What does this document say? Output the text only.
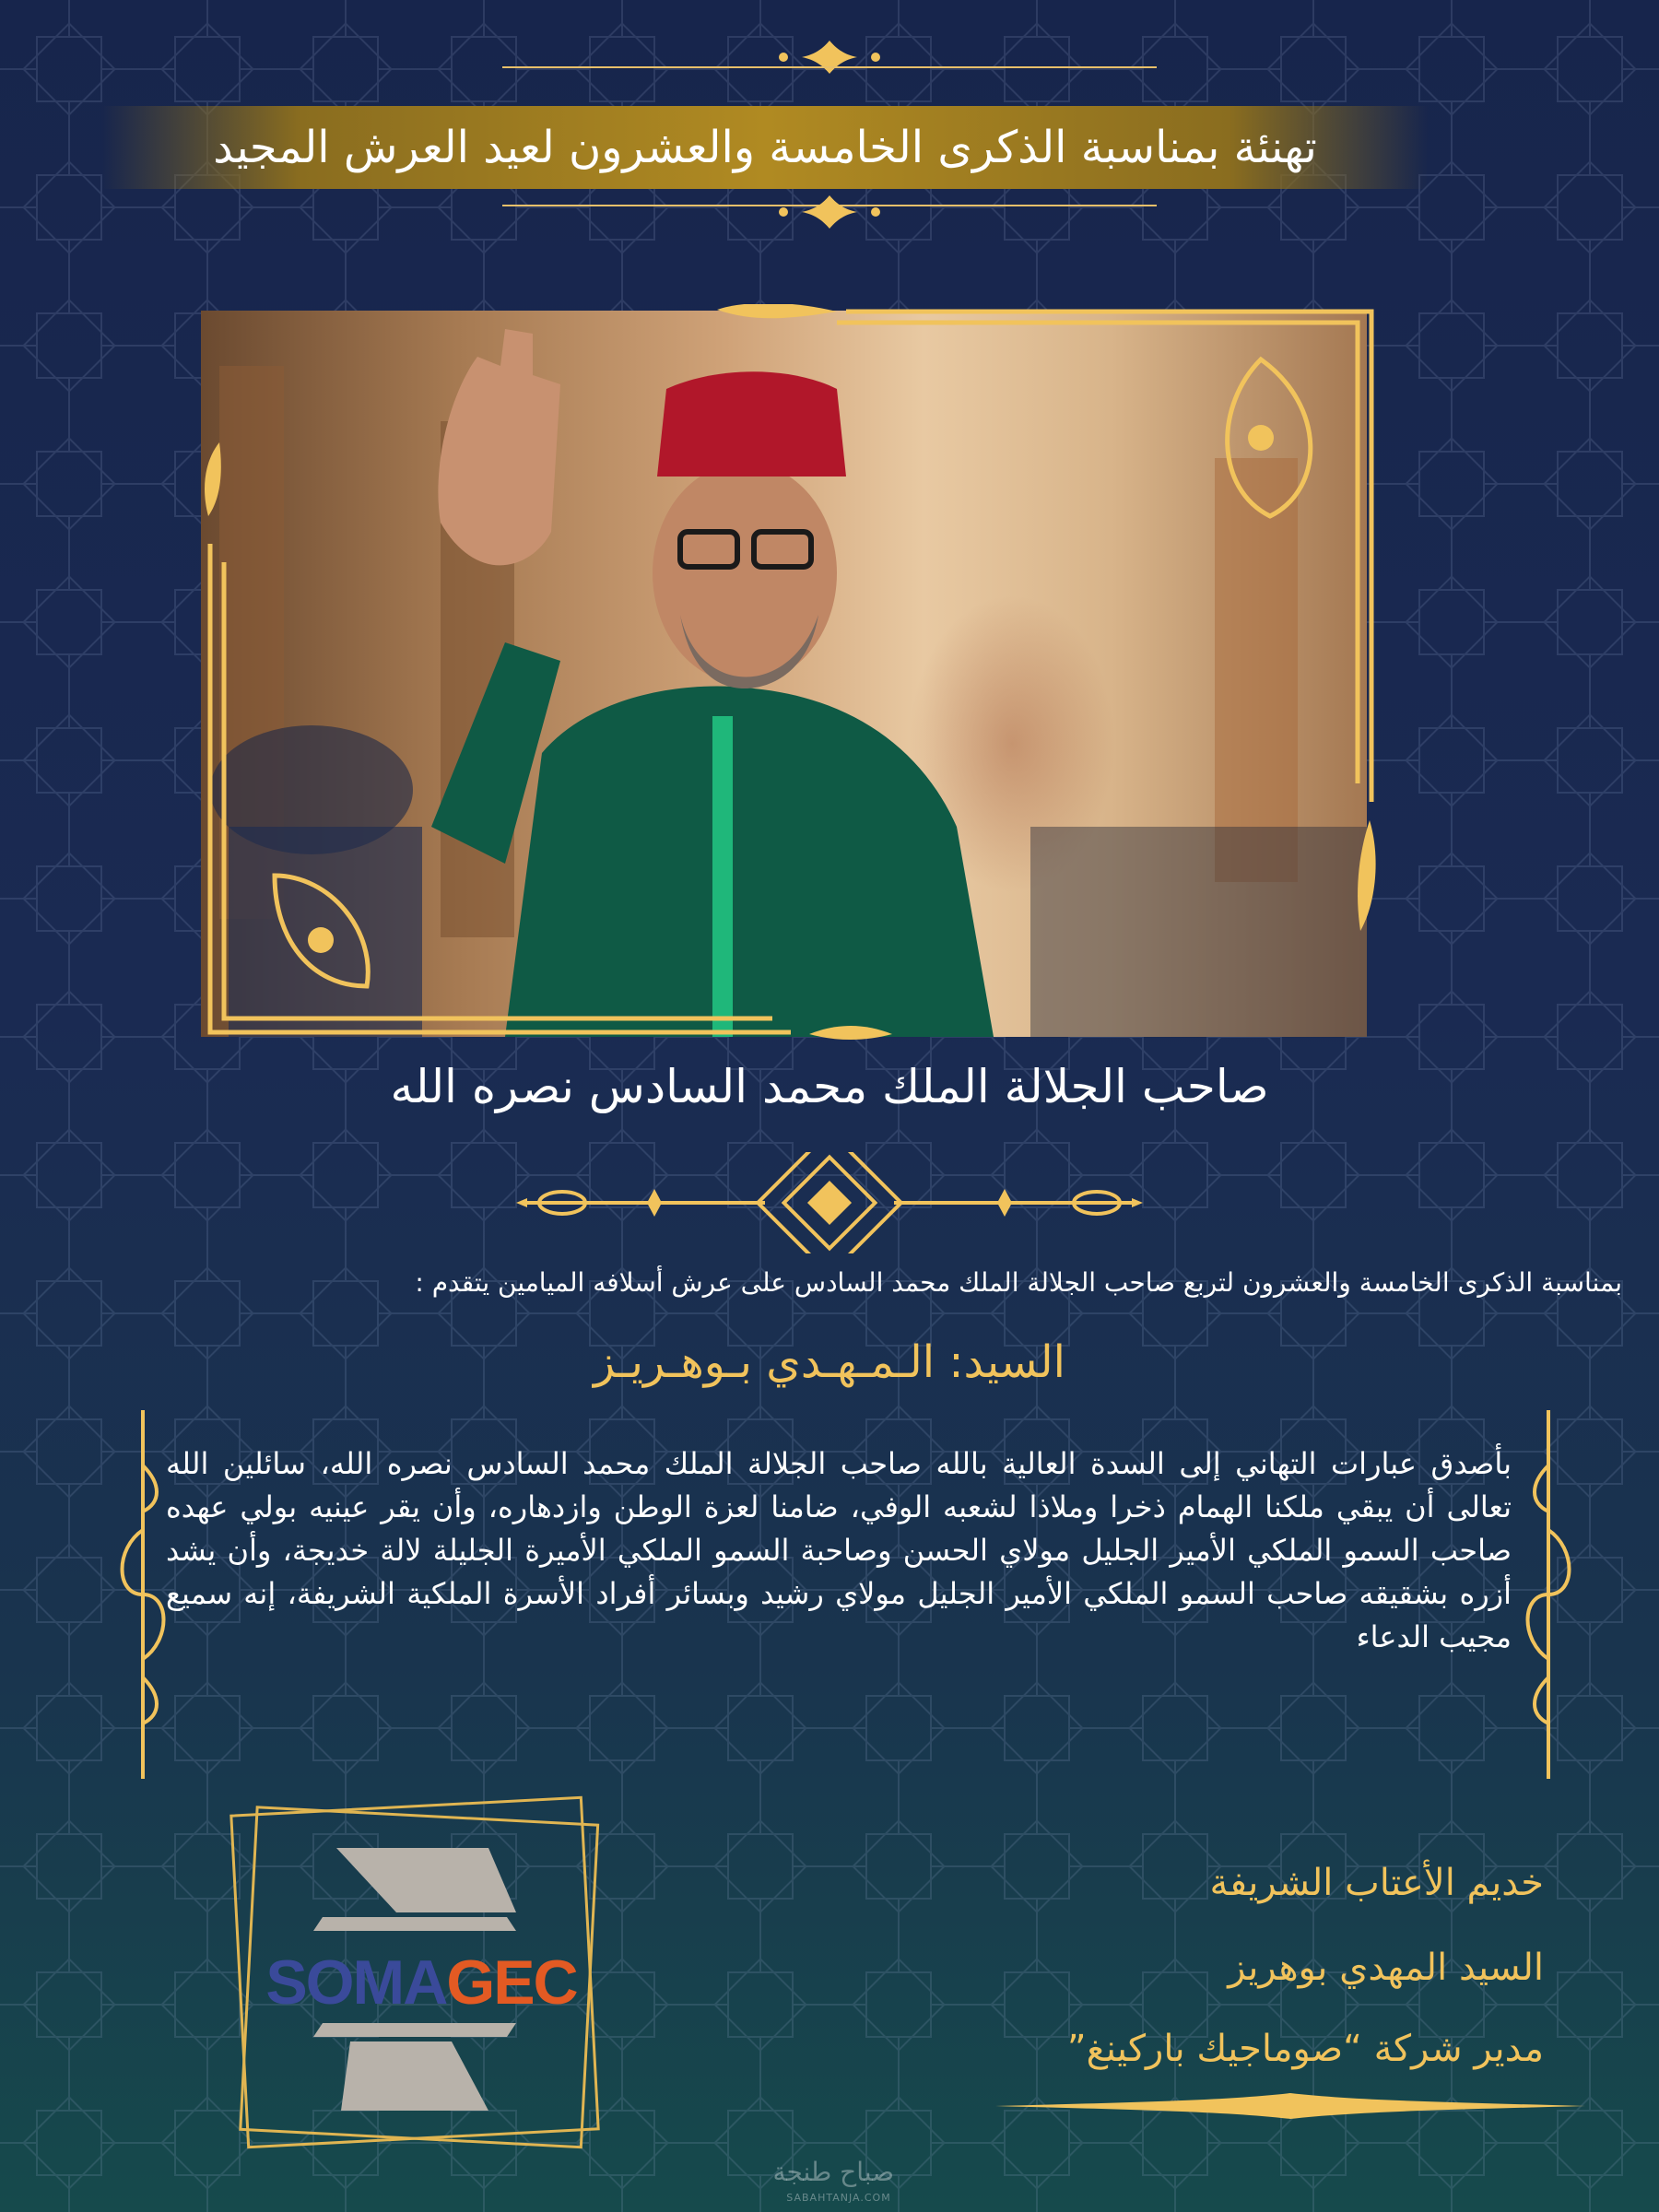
تهنئة بمناسبة الذكرى الخامسة والعشرون لعيد العرش المجيد
صاحب الجلالة الملك محمد السادس نصره الله
بمناسبة الذكرى الخامسة والعشرون لتربع صاحب الجلالة الملك محمد السادس على عرش أسلافه الميامين يتقدم :
السيد: الـمـهـدي بـوهـريـز
بأصدق عبارات التهاني إلى السدة العالية بالله صاحب الجلالة الملك محمد السادس نصره الله، سائلين الله تعالى أن يبقي ملكنا الهمام ذخرا وملاذا لشعبه الوفي، ضامنا لعزة الوطن وازدهاره، وأن يقر عينيه بولي عهده صاحب السمو الملكي الأمير الجليل مولاي الحسن وصاحبة السمو الملكي الأميرة الجليلة لالة خديجة، وأن يشد أزره بشقيقه صاحب السمو الملكي الأمير الجليل مولاي رشيد وبسائر أفراد الأسرة الملكية الشريفة، إنه سميع مجيب الدعاء
SOMAGEC
خديم الأعتاب الشريفة
السيد المهدي بوهريز
مدير شركة “صوماجيك باركينغ”
صباح طنجة
SABAHTANJA.COM
